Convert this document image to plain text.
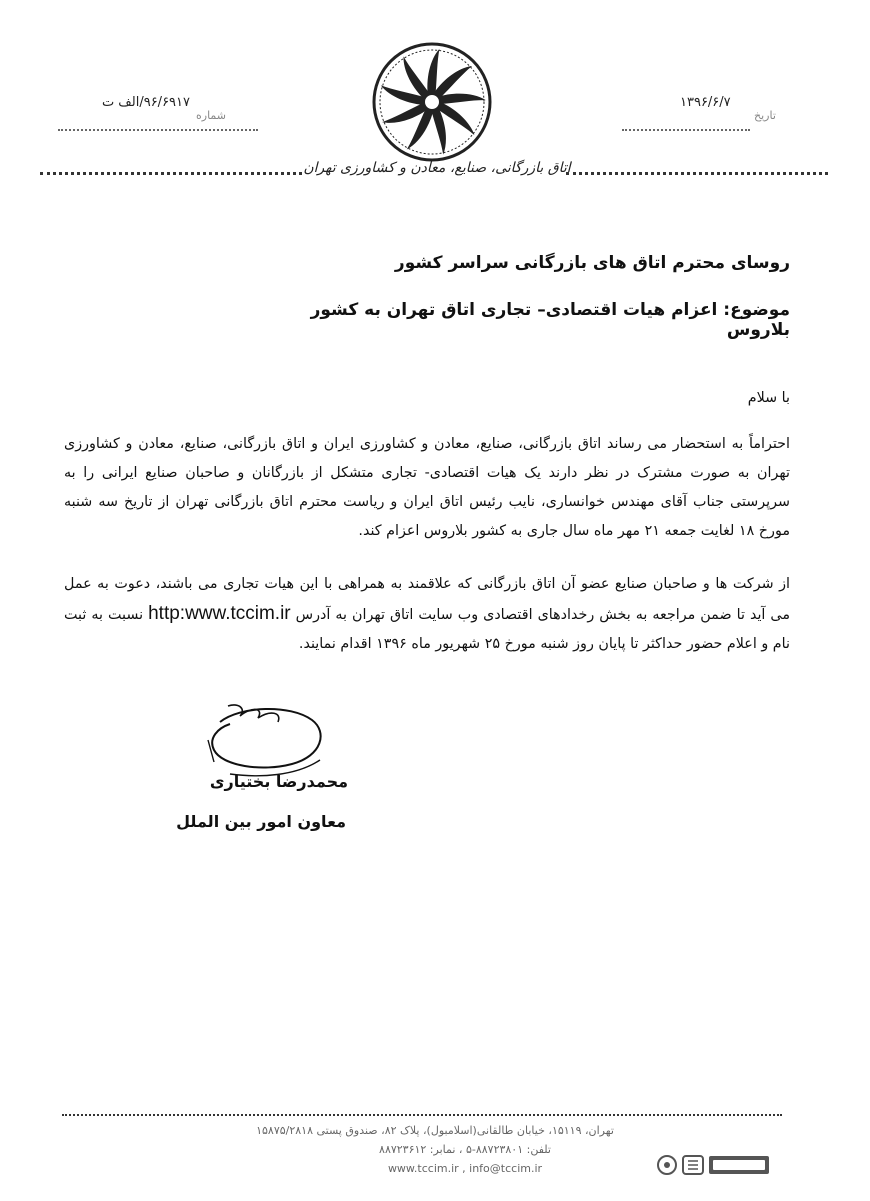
۱۳۹۶/۶/۷
تاریخ
۹۶/۶۹۱۷/الف ت
شماره
اتاق بازرگانی، صنایع، معادن و کشاورزی تهران
روسای محترم اتاق های بازرگانی سراسر کشور
موضوع: اعزام هیات اقتصادی– تجاری اتاق تهران به کشور بلاروس
با سلام
احتراماً به استحضار می رساند اتاق بازرگانی، صنایع، معادن و کشاورزی ایران و اتاق بازرگانی، صنایع، معادن و کشاورزی تهران به صورت مشترک در نظر دارند یک هیات اقتصادی- تجاری متشکل از بازرگانان و صاحبان صنایع ایرانی را به سرپرستی جناب آقای مهندس خوانساری، نایب رئیس اتاق ایران و ریاست محترم اتاق بازرگانی تهران از تاریخ سه شنبه مورخ ۱۸ لغایت جمعه ۲۱ مهر ماه سال جاری به کشور بلاروس اعزام کند.
از شرکت ها و صاحبان صنایع عضو آن اتاق بازرگانی که علاقمند به همراهی با این هیات تجاری می باشند، دعوت به عمل می آید تا ضمن مراجعه به بخش رخدادهای اقتصادی وب سایت اتاق تهران به آدرس http:www.tccim.ir نسبت به ثبت نام و اعلام حضور حداکثر تا پایان روز شنبه مورخ ۲۵ شهریور ماه ۱۳۹۶ اقدام نمایند.
محمدرضا بختیاری
معاون امور بین الملل
تهران، ۱۵۱۱۹، خیابان طالقانی(اسلامبول)، پلاک ۸۲، صندوق پستی ۱۵۸۷۵/۲۸۱۸
تلفن: ۸۸۷۲۳۸۰۱-۵ ، نمابر: ۸۸۷۲۳۶۱۲
www.tccim.ir , info@tccim.ir
